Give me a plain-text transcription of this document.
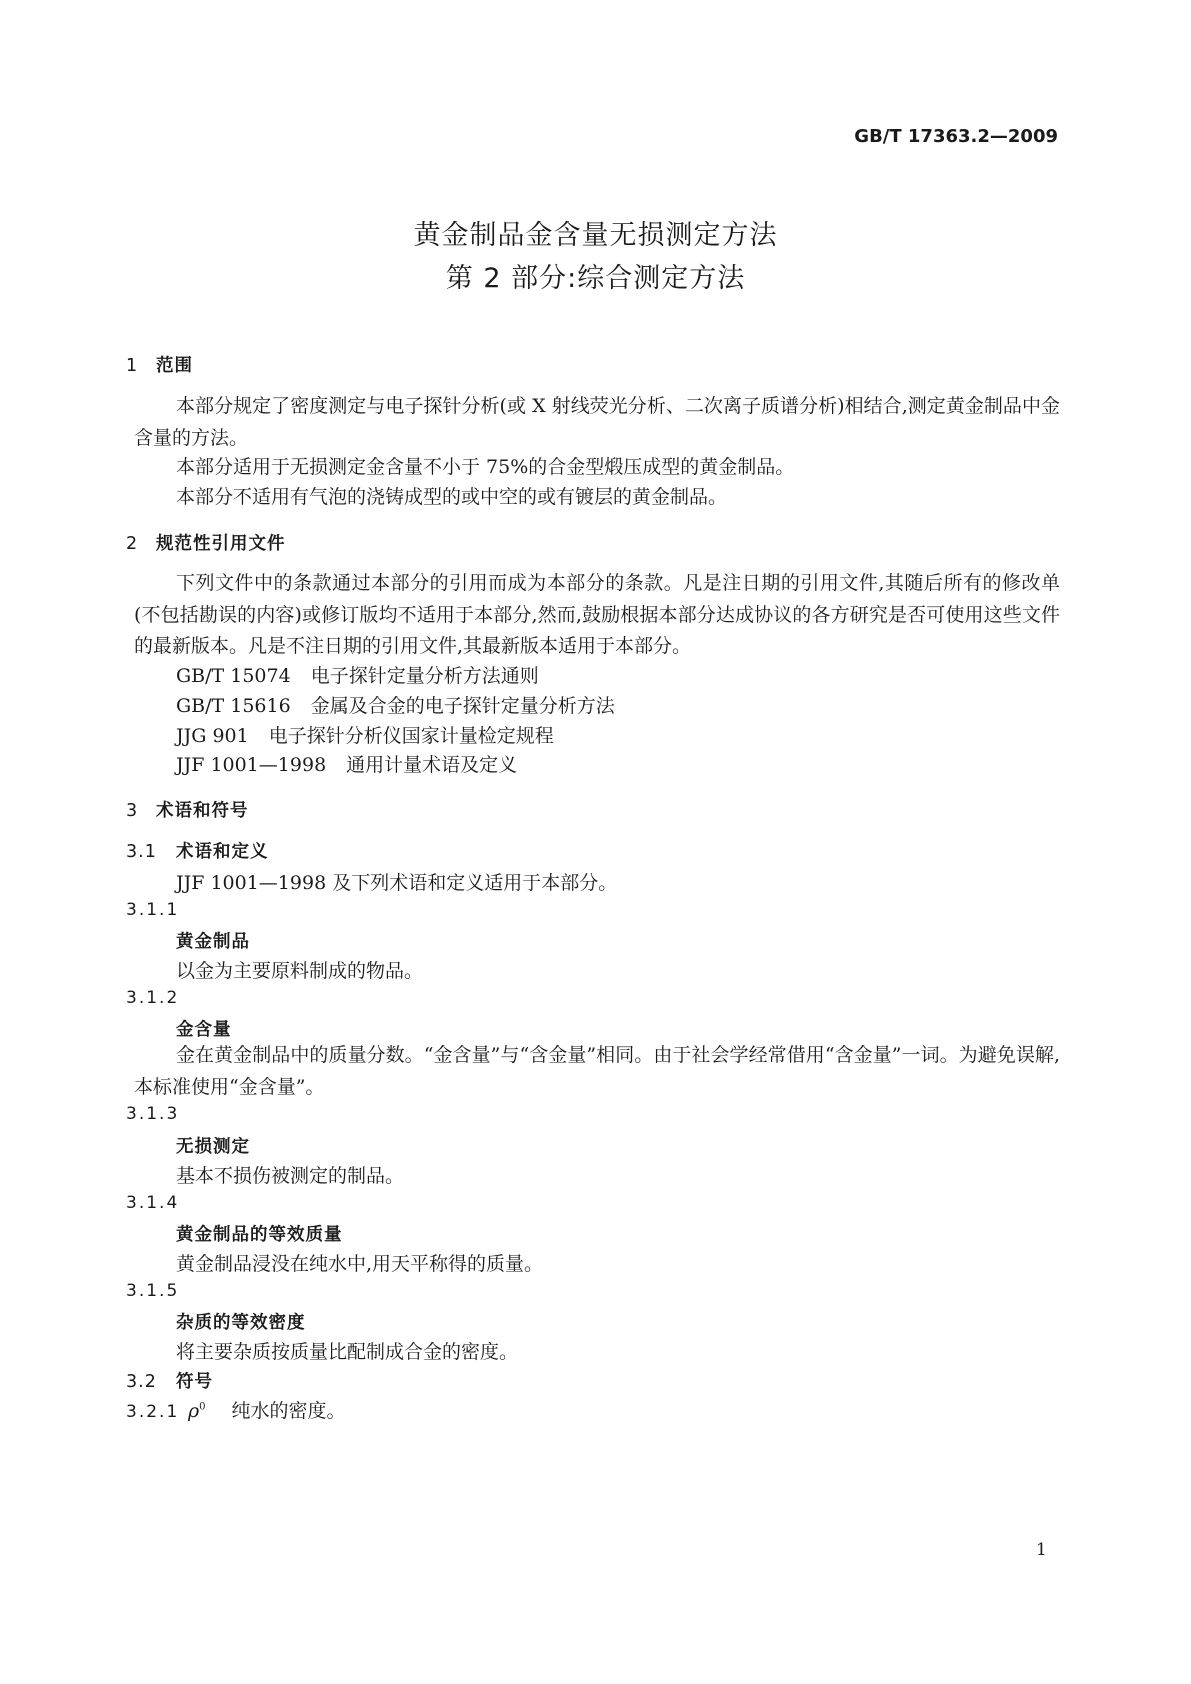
GB/T 17363.2—2009
黄金制品金含量无损测定方法
第 2 部分:综合测定方法
1 范围
本部分规定了密度测定与电子探针分析(或 X 射线荧光分析、二次离子质谱分析)相结合,测定黄金制品中金含量的方法。
本部分适用于无损测定金含量不小于 75%的合金型煅压成型的黄金制品。
本部分不适用有气泡的浇铸成型的或中空的或有镀层的黄金制品。
2 规范性引用文件
下列文件中的条款通过本部分的引用而成为本部分的条款。凡是注日期的引用文件,其随后所有的修改单(不包括勘误的内容)或修订版均不适用于本部分,然而,鼓励根据本部分达成协议的各方研究是否可使用这些文件的最新版本。凡是不注日期的引用文件,其最新版本适用于本部分。
GB/T 15074 电子探针定量分析方法通则
GB/T 15616 金属及合金的电子探针定量分析方法
JJG 901 电子探针分析仪国家计量检定规程
JJF 1001—1998 通用计量术语及定义
3 术语和符号
3.1 术语和定义
JJF 1001—1998 及下列术语和定义适用于本部分。
3.1.1
黄金制品
以金为主要原料制成的物品。
3.1.2
金含量
金在黄金制品中的质量分数。“金含量”与“含金量”相同。由于社会学经常借用“含金量”一词。为避免误解,本标准使用“金含量”。
3.1.3
无损测定
基本不损伤被测定的制品。
3.1.4
黄金制品的等效质量
黄金制品浸没在纯水中,用天平称得的质量。
3.1.5
杂质的等效密度
将主要杂质按质量比配制成合金的密度。
3.2 符号
3.2.1 $\rho^0$ 纯水的密度。
1
